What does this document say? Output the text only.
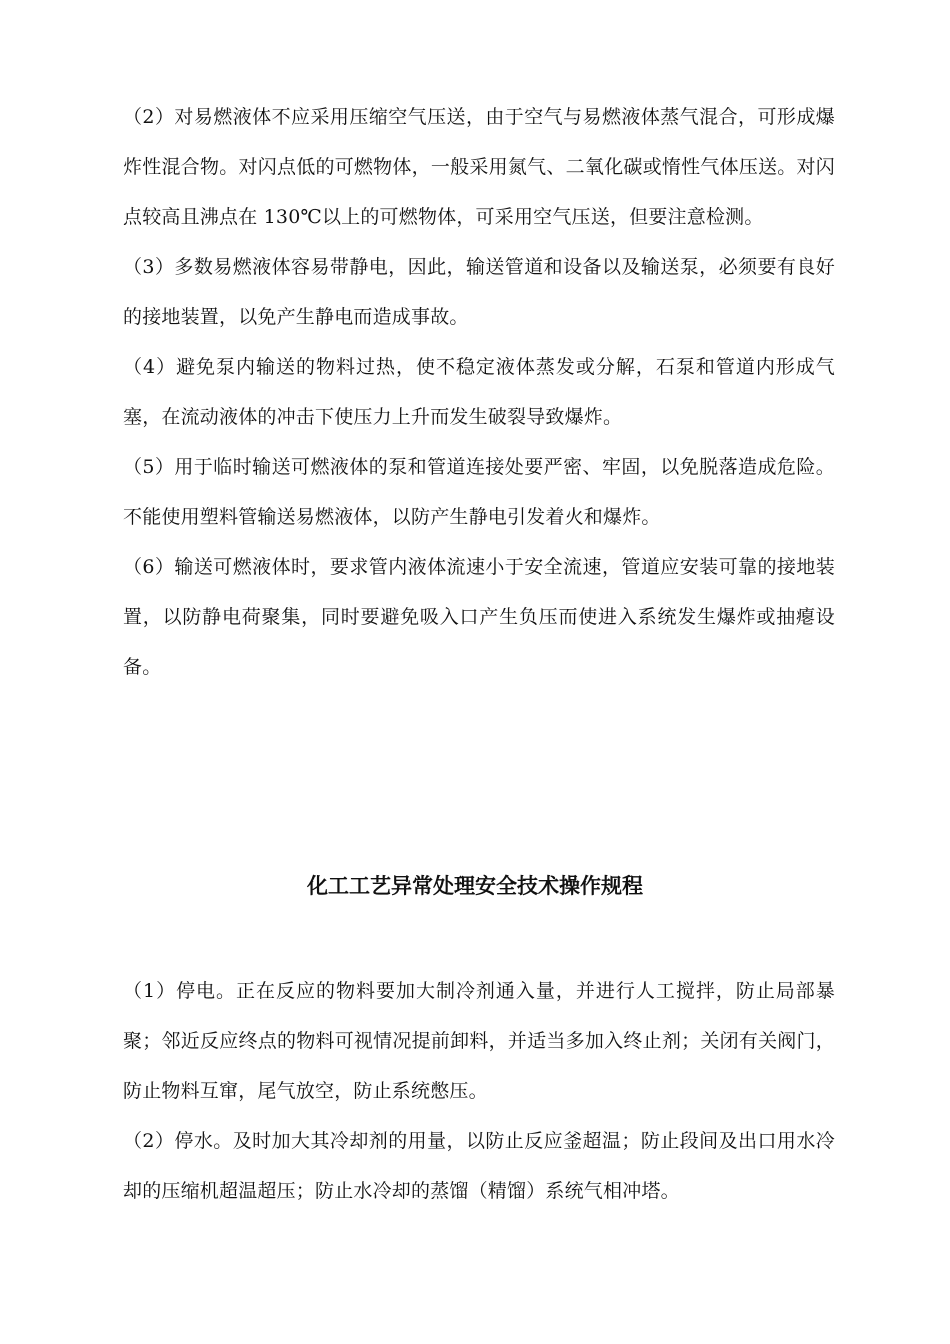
（2）对易燃液体不应采用压缩空气压送，由于空气与易燃液体蒸气混合，可形成爆炸性混合物。对闪点低的可燃物体，一般采用氮气、二氧化碳或惰性气体压送。对闪点较高且沸点在 130℃以上的可燃物体，可采用空气压送，但要注意检测。

（3）多数易燃液体容易带静电，因此，输送管道和设备以及输送泵，必须要有良好的接地装置，以免产生静电而造成事故。

（4）避免泵内输送的物料过热，使不稳定液体蒸发或分解，石泵和管道内形成气塞，在流动液体的冲击下使压力上升而发生破裂导致爆炸。

（5）用于临时输送可燃液体的泵和管道连接处要严密、牢固，以免脱落造成危险。不能使用塑料管输送易燃液体，以防产生静电引发着火和爆炸。

（6）输送可燃液体时，要求管内液体流速小于安全流速，管道应安装可靠的接地装置，以防静电荷聚集，同时要避免吸入口产生负压而使进入系统发生爆炸或抽瘪设备。

化工工艺异常处理安全技术操作规程

（1）停电。正在反应的物料要加大制冷剂通入量，并进行人工搅拌，防止局部暴聚；邻近反应终点的物料可视情况提前卸料，并适当多加入终止剂；关闭有关阀门，防止物料互窜，尾气放空，防止系统憋压。

（2）停水。及时加大其冷却剂的用量，以防止反应釜超温；防止段间及出口用水冷却的压缩机超温超压；防止水冷却的蒸馏（精馏）系统气相冲塔。
